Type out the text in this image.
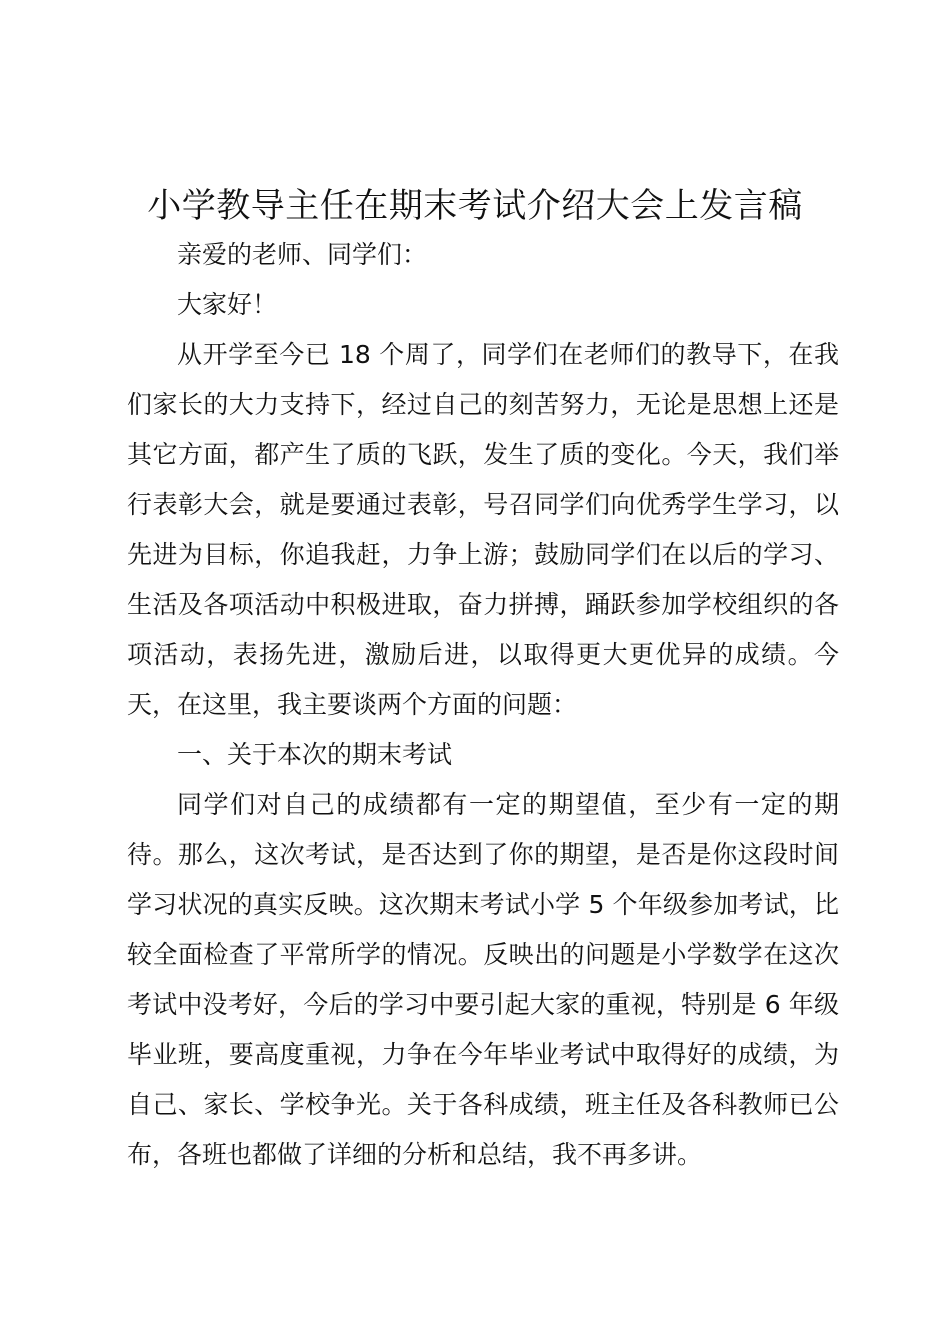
小学教导主任在期末考试介绍大会上发言稿

亲爱的老师、同学们：

大家好！

从开学至今已 18 个周了，同学们在老师们的教导下，在我们家长的大力支持下，经过自己的刻苦努力，无论是思想上还是其它方面，都产生了质的飞跃，发生了质的变化。今天，我们举行表彰大会，就是要通过表彰，号召同学们向优秀学生学习，以先进为目标，你追我赶，力争上游；鼓励同学们在以后的学习、生活及各项活动中积极进取，奋力拼搏，踊跃参加学校组织的各项活动，表扬先进，激励后进，以取得更大更优异的成绩。今天，在这里，我主要谈两个方面的问题：

一、关于本次的期末考试

同学们对自己的成绩都有一定的期望值，至少有一定的期待。那么，这次考试，是否达到了你的期望，是否是你这段时间学习状况的真实反映。这次期末考试小学 5 个年级参加考试，比较全面检查了平常所学的情况。反映出的问题是小学数学在这次考试中没考好，今后的学习中要引起大家的重视，特别是 6 年级毕业班，要高度重视，力争在今年毕业考试中取得好的成绩，为自己、家长、学校争光。关于各科成绩，班主任及各科教师已公布，各班也都做了详细的分析和总结，我不再多讲。
